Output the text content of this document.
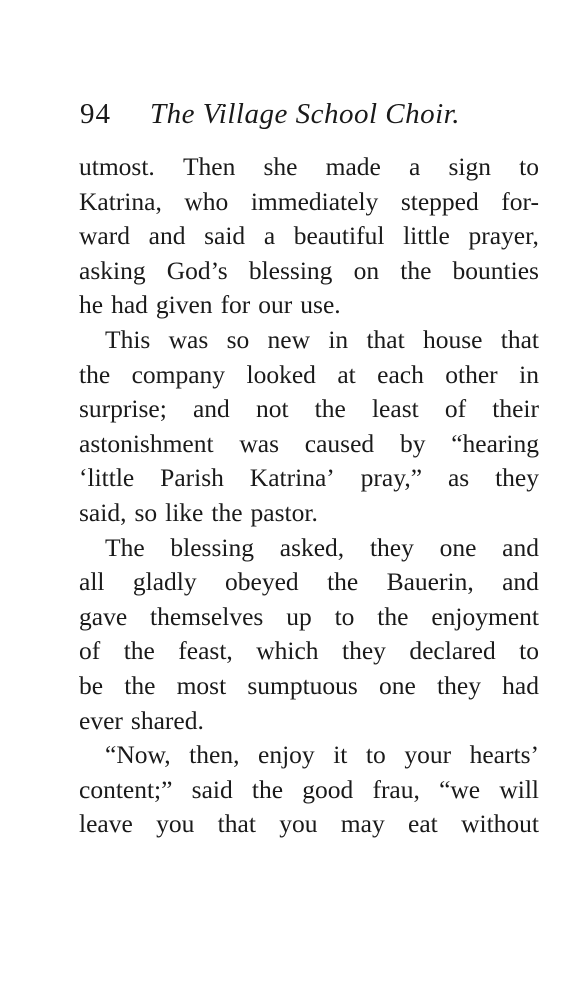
94 The Village School Choir.
utmost. Then she made a sign to
Katrina, who immediately stepped for-
ward and said a beautiful little prayer,
asking God’s blessing on the bounties
he had given for our use.
This was so new in that house that
the company looked at each other in
surprise; and not the least of their
astonishment was caused by “hearing
‘little Parish Katrina’ pray,” as they
said, so like the pastor.
The blessing asked, they one and
all gladly obeyed the Bauerin, and
gave themselves up to the enjoyment
of the feast, which they declared to
be the most sumptuous one they had
ever shared.
“Now, then, enjoy it to your hearts’
content;” said the good frau, “we will
leave you that you may eat without
